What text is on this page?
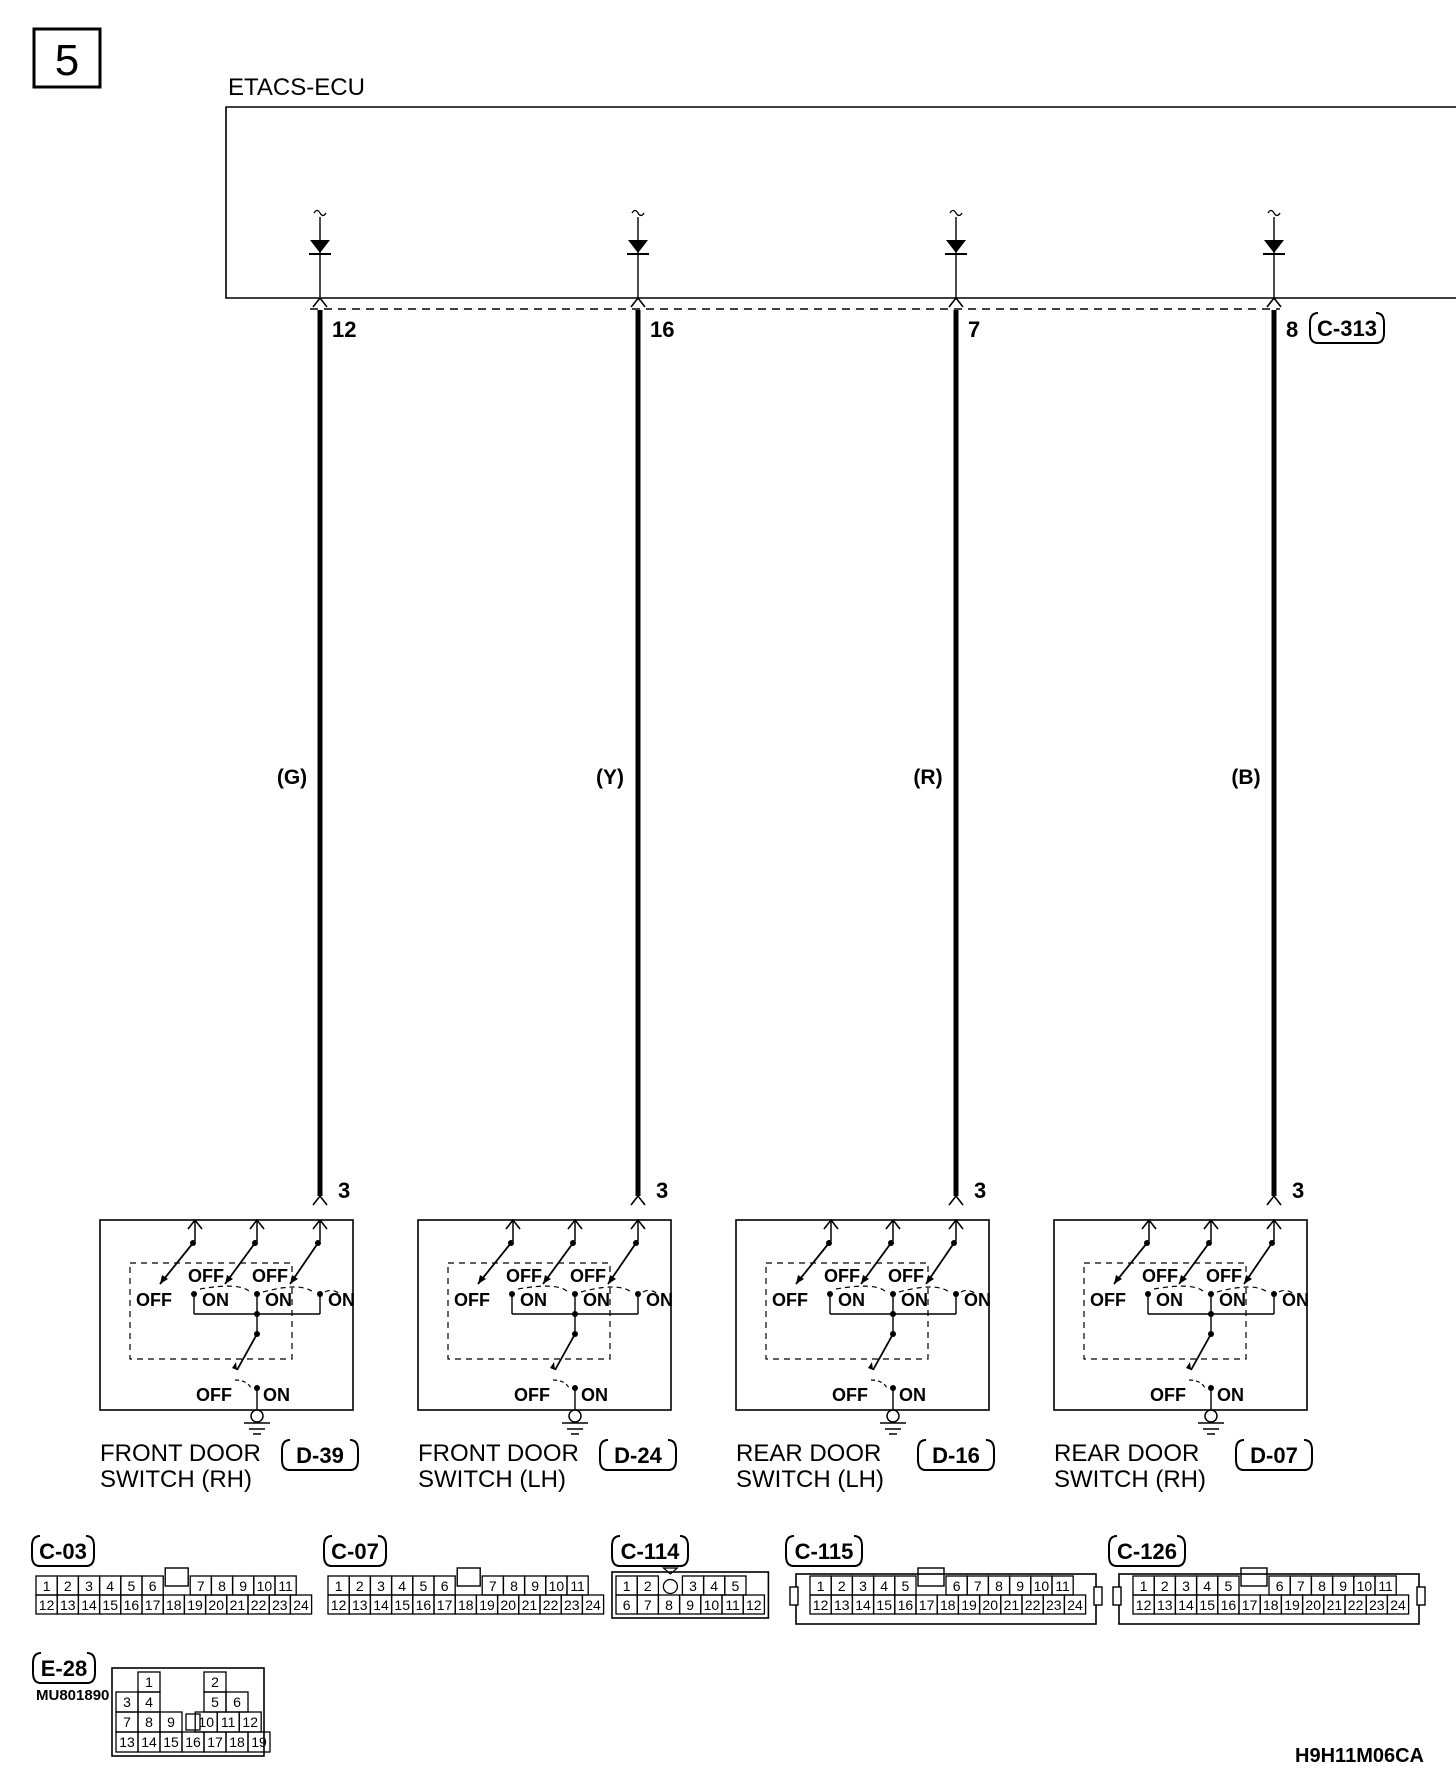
5
ETACS-ECU
12
(G)
3
16
(Y)
3
7
(R)
3
8
(B)
3
C-313
OFF OFF
OFF ON ON ON
OFF ON
FRONT DOOR
SWITCH (RH)
D-39
OFF OFF
OFF ON ON ON
OFF ON
FRONT DOOR
SWITCH (LH)
D-24
OFF OFF
OFF ON ON ON
OFF ON
REAR DOOR
SWITCH (LH)
D-16
OFF OFF
OFF ON ON ON
OFF ON
REAR DOOR
SWITCH (RH)
D-07
C-03
1 2 3 4 5 6	7 8 9 10 11
12 13 14 15 16 17 18 19 20 21 22 23 24
C-07
1 2 3 4 5 6	7 8 9 10 11
12 13 14 15 16 17 18 19 20 21 22 23 24
C-114
1 2	3 4 5
6 7 8 9 10 11 12
C-115
1 2 3 4 5	6 7 8 9 10 11
12 13 14 15 16 17 18 19 20 21 22 23 24
C-126
1 2 3 4 5	6 7 8 9 10 11
12 13 14 15 16 17 18 19 20 21 22 23 24
E-28
MU801890
1	2
3 4	5 6
7 8 9 10 11 12
13 14 15 16 17 18 19
H9H11M06CA
